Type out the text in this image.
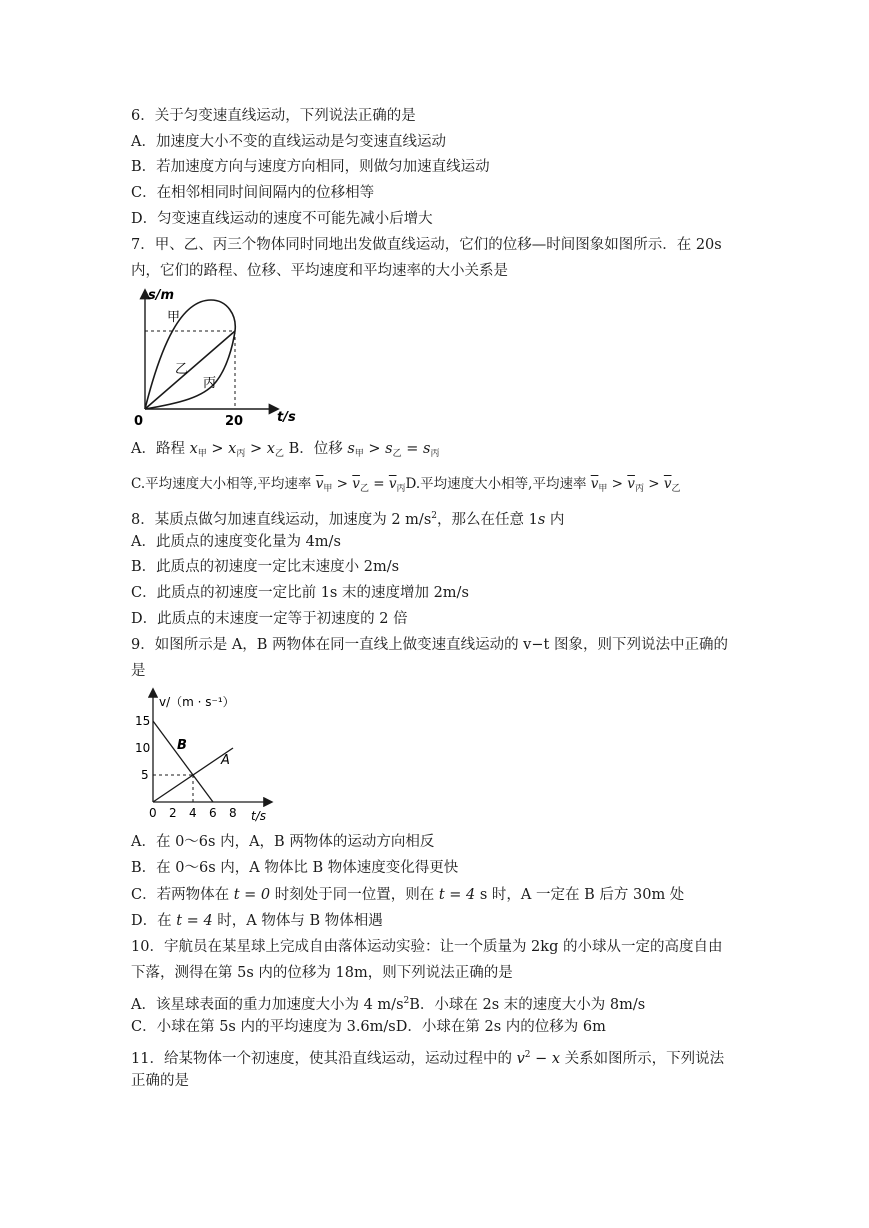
6．关于匀变速直线运动，下列说法正确的是
A．加速度大小不变的直线运动是匀变速直线运动
B．若加速度方向与速度方向相同，则做匀加速直线运动
C．在相邻相同时间间隔内的位移相等
D．匀变速直线运动的速度不可能先减小后增大
7．甲、乙、丙三个物体同时同地出发做直线运动，它们的位移—时间图象如图所示．在 20s
内，它们的路程、位移、平均速度和平均速率的大小关系是
s/m
t/s
0	20
甲
乙
丙
A．路程 $x_甲 > x_丙 > x_乙$ B．位移 $s_甲 > s_乙 = s_丙$
C.平均速度大小相等,平均速率 $\overline{v}_甲 > \overline{v}_乙 = \overline{v}_丙D$.平均速度大小相等,平均速率 $\overline{v}_甲 > \overline{v}_丙 > \overline{v}_乙$
8．某质点做匀加速直线运动，加速度为 2 $m/s^2$，那么在任意 1s 内
A．此质点的速度变化量为 4m/s
B．此质点的初速度一定比末速度小 2m/s
C．此质点的初速度一定比前 1s 末的速度增加 2m/s
D．此质点的末速度一定等于初速度的 2 倍
9．如图所示是 A，B 两物体在同一直线上做变速直线运动的 v−t 图象，则下列说法中正确的
是
v/（m · s⁻¹）
15
10
5
0 2 4 6 8 t/s
B
A
A．在 0～6s 内，A，B 两物体的运动方向相反
B．在 0～6s 内，A 物体比 B 物体速度变化得更快
C．若两物体在 t = 0 时刻处于同一位置，则在 t = 4 s 时，A 一定在 B 后方 30m 处
D．在 t = 4 时，A 物体与 B 物体相遇
10．宇航员在某星球上完成自由落体运动实验：让一个质量为 2kg 的小球从一定的高度自由
下落，测得在第 5s 内的位移为 18m，则下列说法正确的是
A．该星球表面的重力加速度大小为 4 $m/s^2B$．小球在 2s 末的速度大小为 8m/s
C．小球在第 5s 内的平均速度为 3.6m/sD．小球在第 2s 内的位移为 6m
11．给某物体一个初速度，使其沿直线运动，运动过程中的 $v^2 - x$ 关系如图所示，下列说法
正确的是
